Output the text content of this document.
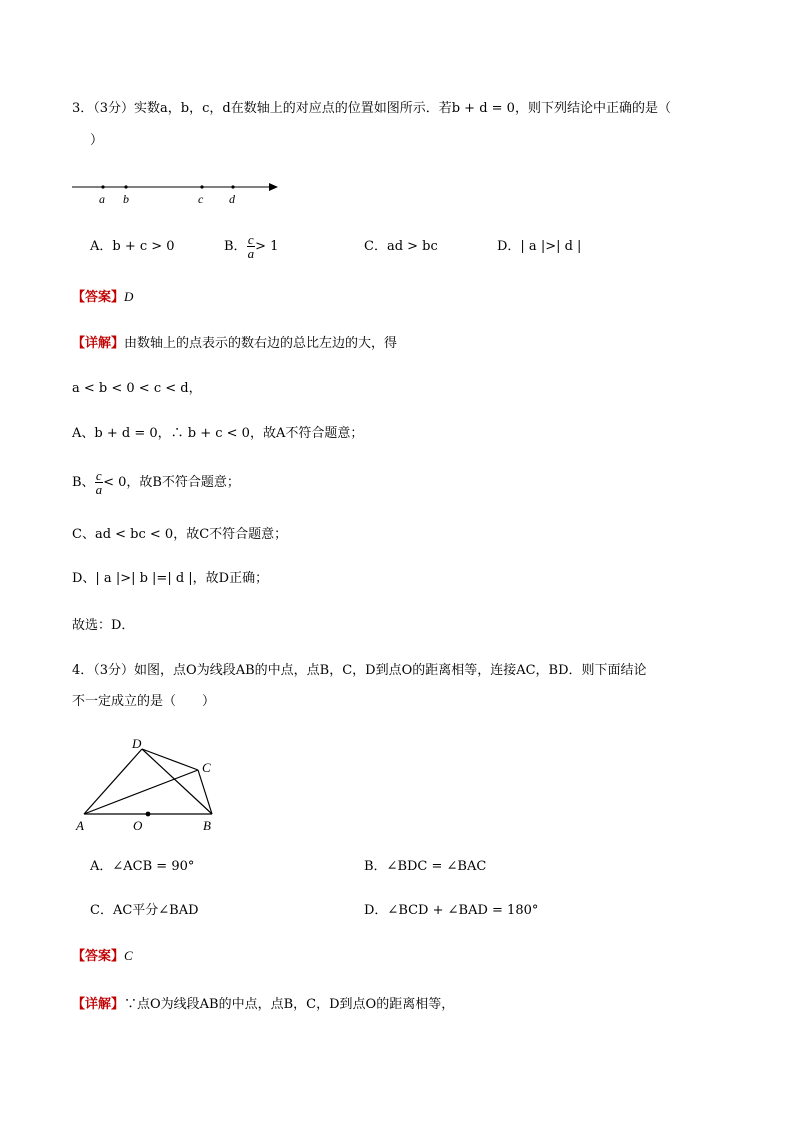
3．（3分）实数a，b，c，d在数轴上的对应点的位置如图所示．若b + d = 0，则下列结论中正确的是（
）
a b	c d
A．b + c > 0	B． $\frac{c}{a} > 1$	C．ad > bc	D．| a |>| d |
【答案】D
【详解】由数轴上的点表示的数右边的总比左边的大，得
a < b < 0 < c < d，
A、b + d = 0，∴ b + c < 0，故A不符合题意；
B、 $\frac{c}{a} < 0$，故B不符合题意；
C、ad < bc < 0，故C不符合题意；
D、| a |>| b |=| d |，故D正确；
故选：D．
4．（3分）如图，点O为线段AB的中点，点B，C，D到点O的距离相等，连接AC，BD．则下面结论
不一定成立的是（　　）
D
C
A	O	B
A．∠ACB = 90°	B．∠BDC = ∠BAC
C．AC平分∠BAD	D．∠BCD + ∠BAD = 180°
【答案】C
【详解】∵点O为线段AB的中点，点B，C，D到点O的距离相等，
